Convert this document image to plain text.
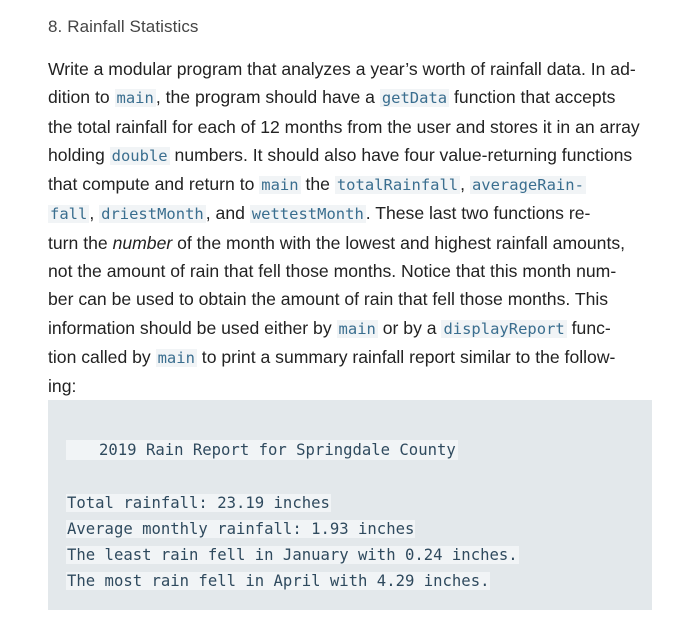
8. Rainfall Statistics
Write a modular program that analyzes a year’s worth of rainfall data. In ad-
dition to main , the program should have a getData function that accepts
the total rainfall for each of 12 months from the user and stores it in an array
holding double numbers. It should also have four value-returning functions
that compute and return to main the totalRainfall , averageRain-
fall , driestMonth , and wettestMonth . These last two functions re-
turn the number of the month with the lowest and highest rainfall amounts,
not the amount of rain that fell those months. Notice that this month num-
ber can be used to obtain the amount of rain that fell those months. This
information should be used either by main or by a displayReport func-
tion called by main to print a summary rainfall report similar to the follow-
ing:
2019 Rain Report for Springdale County
Total rainfall: 23.19 inches
Average monthly rainfall: 1.93 inches
The least rain fell in January with 0.24 inches.
The most rain fell in April with 4.29 inches.
